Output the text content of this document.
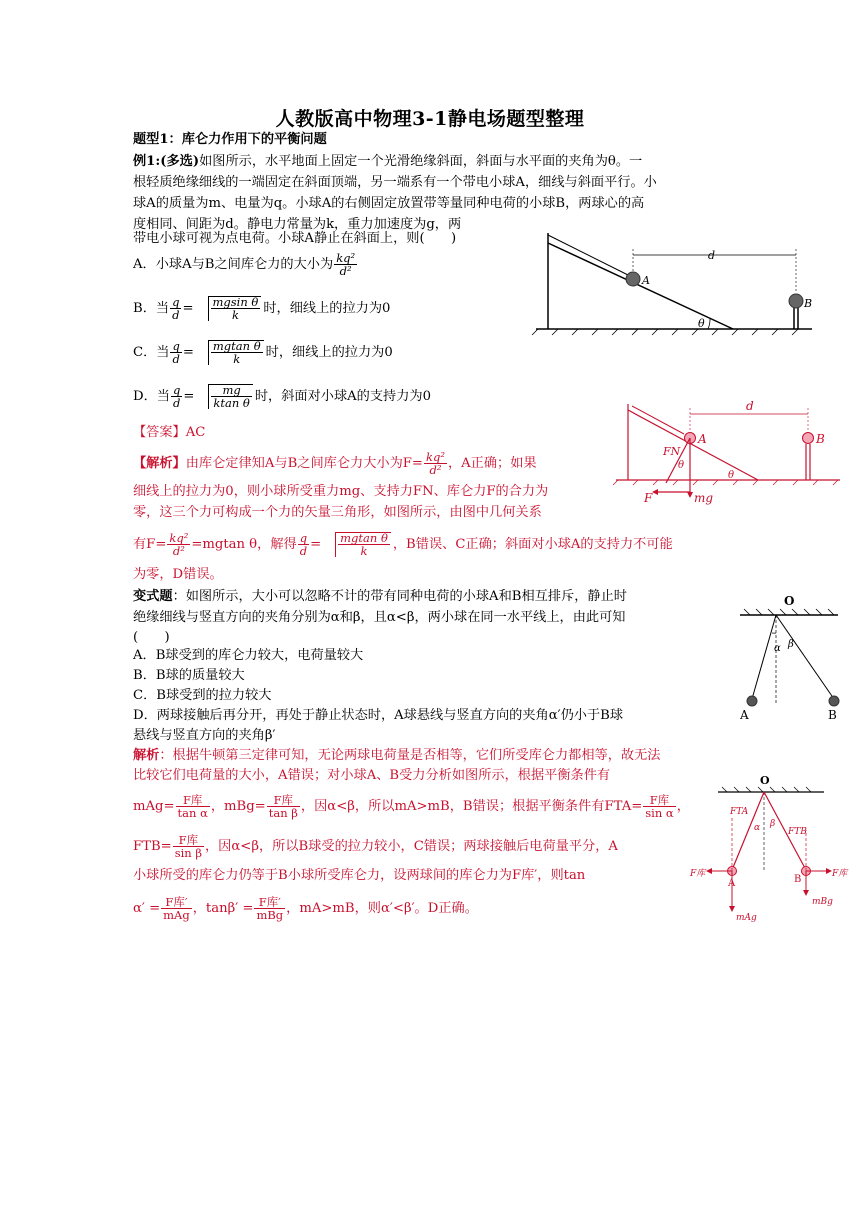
人教版高中物理3-1静电场题型整理
题型1：库仑力作用下的平衡问题
例1:(多选)如图所示，水平地面上固定一个光滑绝缘斜面，斜面与水平面的夹角为θ。一
根轻质绝缘细线的一端固定在斜面顶端，另一端系有一个带电小球A，细线与斜面平行。小
球A的质量为m、电量为q。小球A的右侧固定放置带等量同种电荷的小球B，两球心的高
度相同、间距为d。静电力常量为k，重力加速度为g，两
带电小球可视为点电荷。小球A静止在斜面上，则(　　)
A．小球A与B之间库仑力的大小为 $\frac{\text{kq²}}{\text{d²}}$
B．当 $\frac{q}{d} = \frac{\text{mgsin θ}}{k}$ 时，细线上的拉力为0
C．当 $\frac{q}{d} = \frac{\text{mgtan θ}}{k}$ 时，细线上的拉力为0
D．当 $\frac{q}{d} = \frac{mg}{\text{ktan θ}}$ 时，斜面对小球A的支持力为0
【答案】AC
【解析】由库仑定律知A与B之间库仑力大小为$F= \frac{\text{kq²}}{\text{d²}}$ ，A正确；如果
细线上的拉力为0，则小球所受重力mg、支持力FN、库仑力F的合力为
零，这三个力可构成一个力的矢量三角形，如图所示，由图中几何关系
有$F= \frac{\text{kq²}}{\text{d²}} =mgtan$ θ，解得 $\frac{q}{d} = \frac{\text{mgtan θ}}{k}$ ，B错误、C正确；斜面对小球A的支持力不可能
为零，D错误。
变式题：如图所示，大小可以忽略不计的带有同种电荷的小球A和B相互排斥，静止时
绝缘细线与竖直方向的夹角分别为α和β，且α<β，两小球在同一水平线上，由此可知
(　　)
A．B球受到的库仑力较大，电荷量较大
B．B球的质量较大
C．B球受到的拉力较大
D．两球接触后再分开，再处于静止状态时，A球悬线与竖直方向的夹角α′仍小于B球
悬线与竖直方向的夹角β′
解析：根据牛顿第三定律可知，无论两球电荷量是否相等，它们所受库仑力都相等，故无法
比较它们电荷量的大小，A错误；对小球A、B受力分析如图所示，根据平衡条件有
$mAg= \frac{\text{F库}}{\text{tan α}}$ ，$mBg= \frac{\text{F库}}{\text{tan β}}$ ，因α<β，所以mA>mB，B错误；根据平衡条件有$FTA= \frac{\text{F库}}{\text{sin α}}$ ，
$FTB= \frac{\text{F库}}{\text{sin β}}$ ，因α<β，所以B球受的拉力较小，C错误；两球接触后电荷量平分，A
小球所受的库仑力仍等于B小球所受库仑力，设两球间的库仑力为F库′，则tan
$\alpha' = \frac{\text{F库′}}{\text{mAg}}$ ，$\tan\beta' = \frac{\text{F库′}}{\text{mBg}}$ ，mA>mB，则α′<β′。D正确。
A
B
d
θ
A
mg
F
FN
θ
θ
d
B
O
A	B
α β
O
FTA
FTB
α β
F库	F库
A	B
mAg
mBg
